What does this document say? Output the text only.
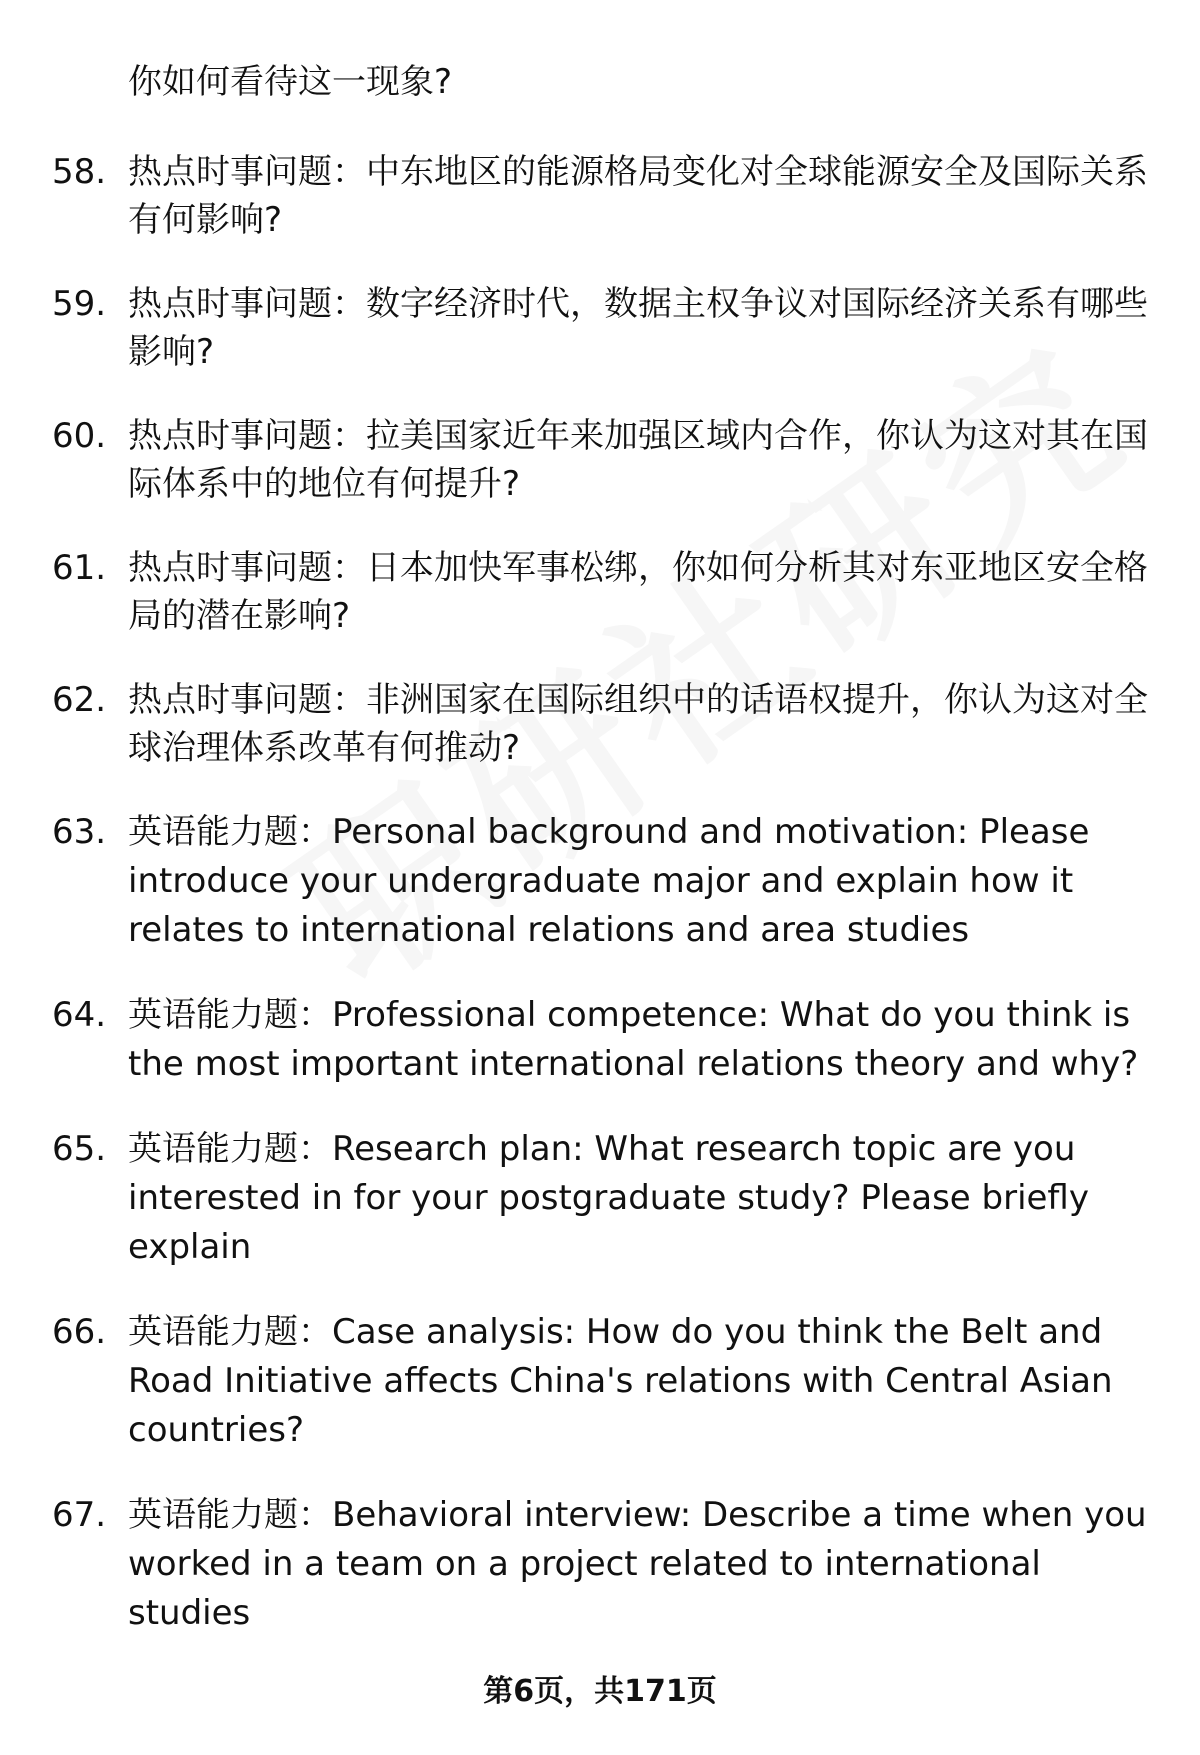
你如何看待这一现象?
58. 热点时事问题：中东地区的能源格局变化对全球能源安全及国际关系有何影响?
59. 热点时事问题：数字经济时代，数据主权争议对国际经济关系有哪些影响?
60. 热点时事问题：拉美国家近年来加强区域内合作，你认为这对其在国际体系中的地位有何提升?
61. 热点时事问题：日本加快军事松绑，你如何分析其对东亚地区安全格局的潜在影响?
62. 热点时事问题：非洲国家在国际组织中的话语权提升，你认为这对全球治理体系改革有何推动?
63. 英语能力题：Personal background and motivation: Please introduce your undergraduate major and explain how it relates to international relations and area studies
64. 英语能力题：Professional competence: What do you think is the most important international relations theory and why?
65. 英语能力题：Research plan: What research topic are you interested in for your postgraduate study? Please briefly explain
66. 英语能力题：Case analysis: How do you think the Belt and Road Initiative affects China's relations with Central Asian countries?
67. 英语能力题：Behavioral interview: Describe a time when you worked in a team on a project related to international studies
第6页，共171页
